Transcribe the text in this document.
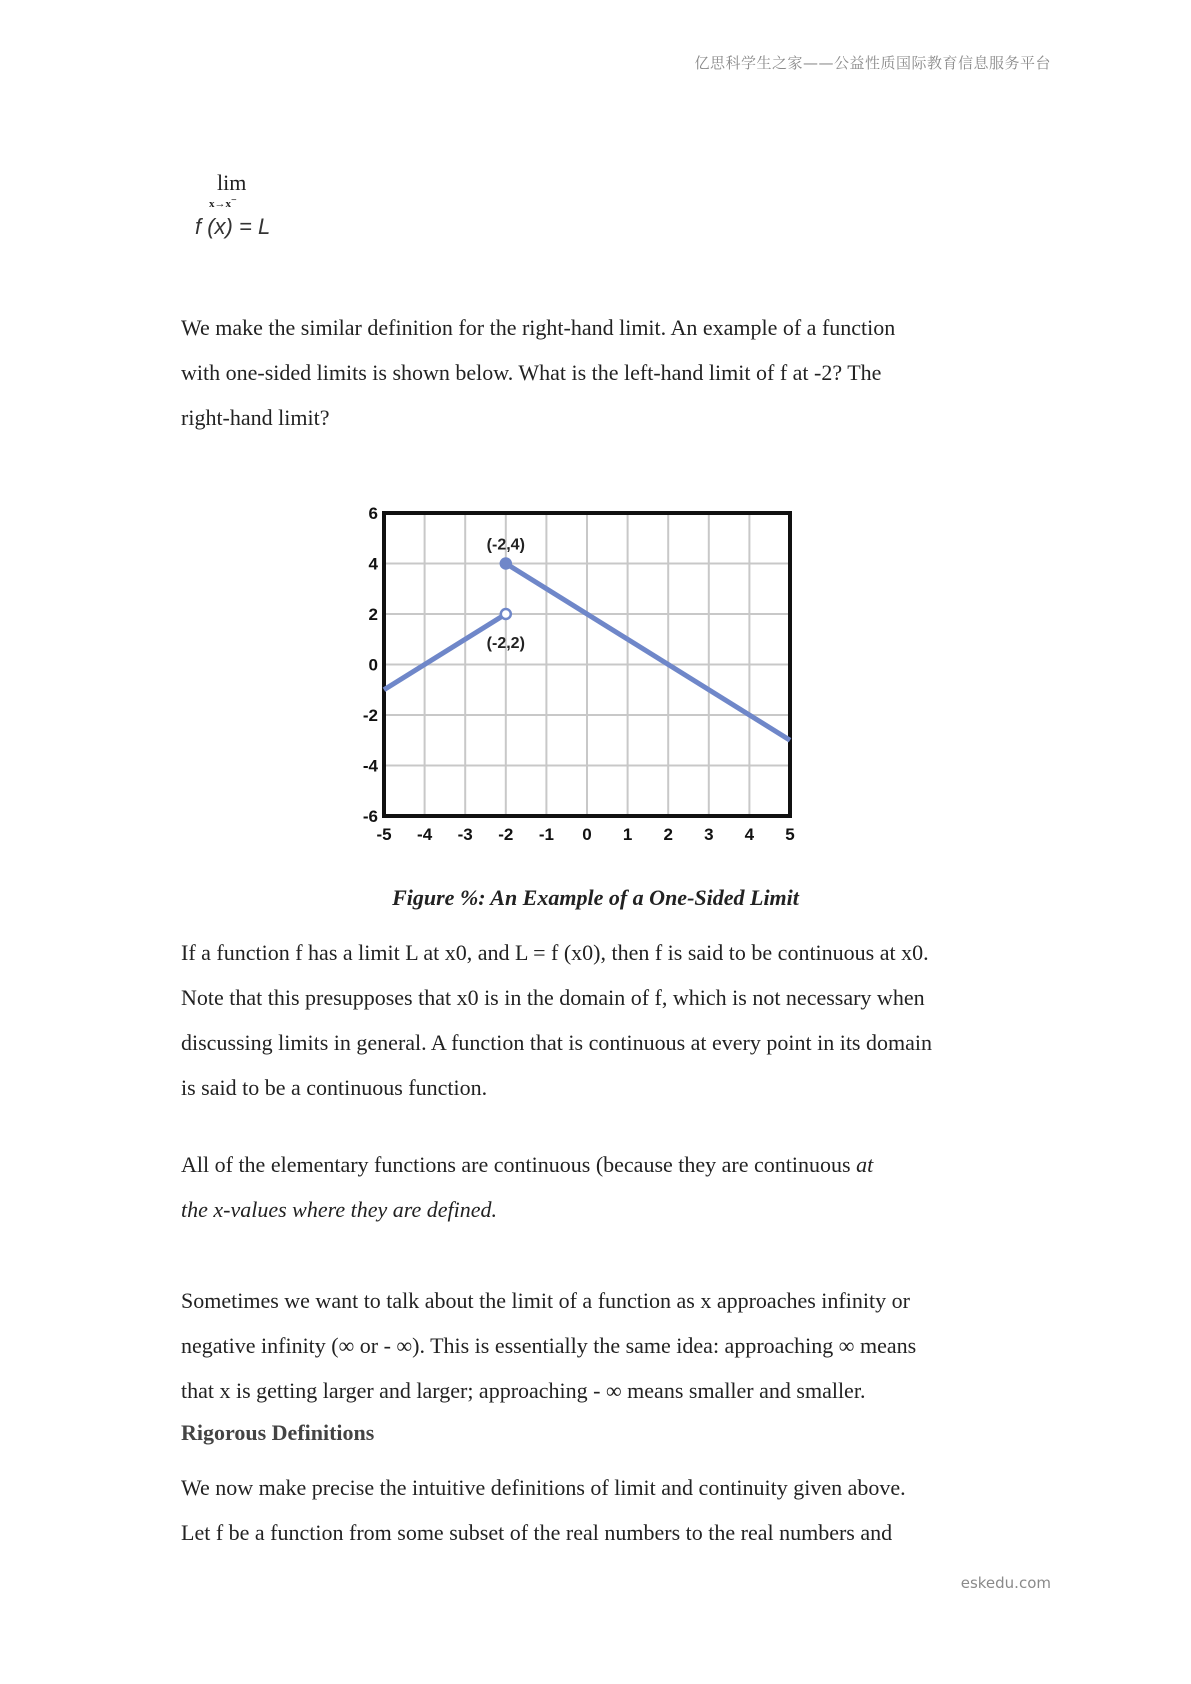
亿思科学生之家——公益性质国际教育信息服务平台
lim
x→x−
f (x) = L
We make the similar definition for the right-hand limit. An example of a function
with one-sided limits is shown below. What is the left-hand limit of f at -2? The
right-hand limit?
-6
-4
-2
0
2
4
6
-5 -4 -3 -2 -1 0 1 2 3 4 5
(-2,4)
(-2,2)
Figure %: An Example of a One-Sided Limit
If a function f has a limit L at x0, and L = f (x0), then f is said to be continuous at x0.
Note that this presupposes that x0 is in the domain of f, which is not necessary when
discussing limits in general. A function that is continuous at every point in its domain
is said to be a continuous function.
All of the elementary functions are continuous (because they are continuous at
the x-values where they are defined.
Sometimes we want to talk about the limit of a function as x approaches infinity or
negative infinity (∞ or - ∞). This is essentially the same idea: approaching ∞ means
that x is getting larger and larger; approaching - ∞ means smaller and smaller.
Rigorous Definitions
We now make precise the intuitive definitions of limit and continuity given above.
Let f be a function from some subset of the real numbers to the real numbers and
eskedu.com
